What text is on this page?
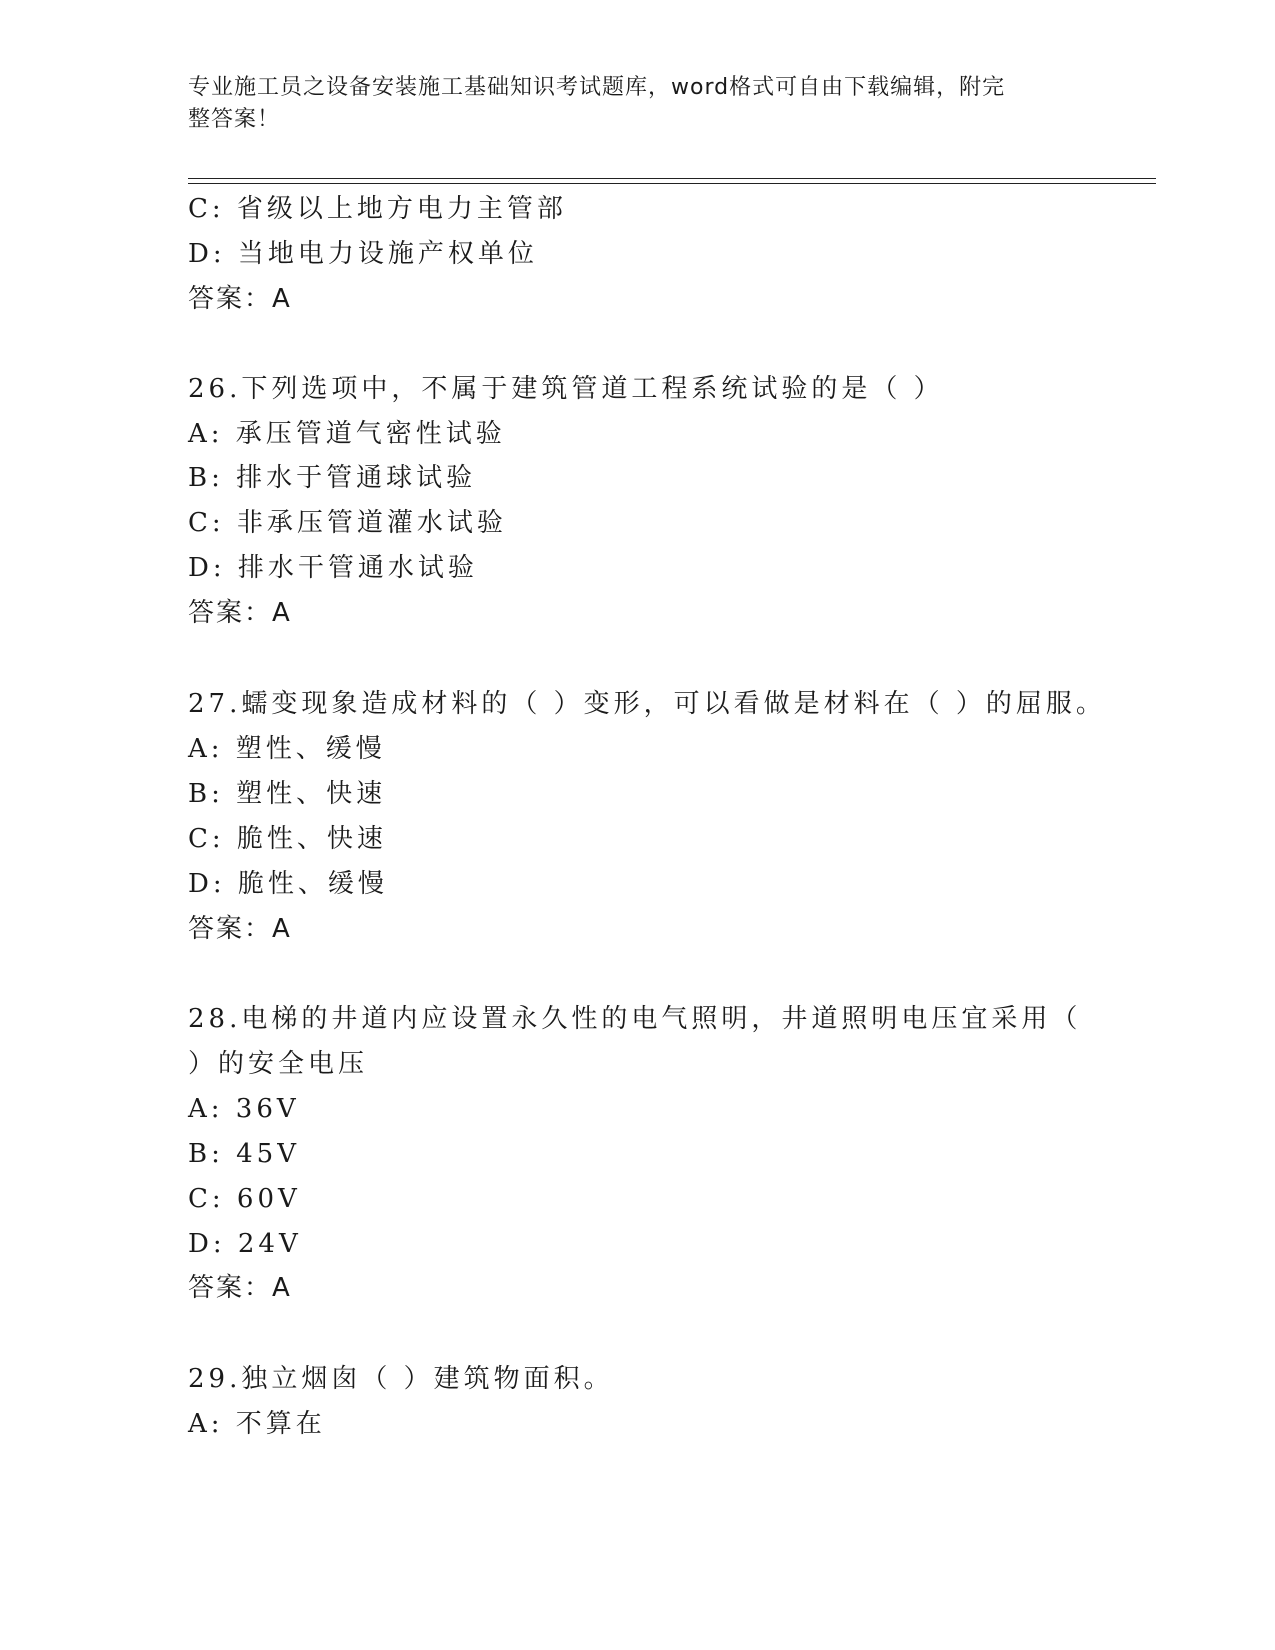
专业施工员之设备安装施工基础知识考试题库，word格式可自由下载编辑，附完
整答案！
C: 省级以上地方电力主管部
D: 当地电力设施产权单位
答案：A
26.下列选项中，不属于建筑管道工程系统试验的是（ ）
A: 承压管道气密性试验
B: 排水于管通球试验
C: 非承压管道灌水试验
D: 排水干管通水试验
答案：A
27.蠕变现象造成材料的（ ）变形，可以看做是材料在（ ）的屈服。
A: 塑性、缓慢
B: 塑性、快速
C: 脆性、快速
D: 脆性、缓慢
答案：A
28.电梯的井道内应设置永久性的电气照明，井道照明电压宜采用（
）的安全电压
A: 36V
B: 45V
C: 60V
D: 24V
答案：A
29.独立烟囱（ ）建筑物面积。
A: 不算在
